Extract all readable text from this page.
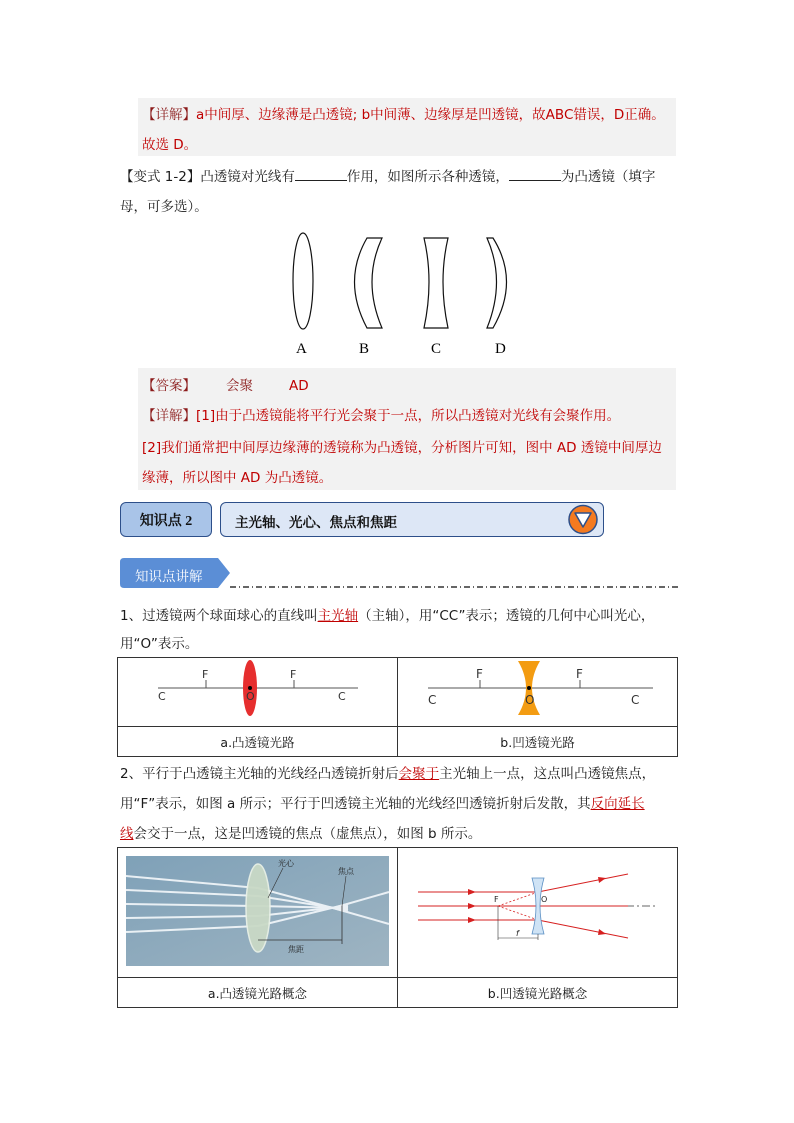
【详解】a中间厚、边缘薄是凸透镜; b中间薄、边缘厚是凹透镜，故ABC错误，D正确。
故选 D。
【变式 1-2】凸透镜对光线有	作用，如图所示各种透镜，	为凸透镜（填字
母，可多选）。
A	B	C	D
【答案】 会聚	AD
【详解】[1]由于凸透镜能将平行光会聚于一点，所以凸透镜对光线有会聚作用。
[2]我们通常把中间厚边缘薄的透镜称为凸透镜，分析图片可知，图中 AD 透镜中间厚边
缘薄，所以图中 AD 为凸透镜。
知识点 2	主光轴、光心、焦点和焦距
知识点讲解
1、过透镜两个球面球心的直线叫主光轴（主轴），用“CC”表示；透镜的几何中心叫光心，
用“O”表示。
F F
C C
O	F F
C C
O

a.凸透镜光路	b.凹透镜光路
2、平行于凸透镜主光轴的光线经凸透镜折射后会聚于主光轴上一点，这点叫凸透镜焦点，
用“F”表示，如图 a 所示；平行于凹透镜主光轴的光线经凹透镜折射后发散，其反向延长
线会交于一点，这是凹透镜的焦点（虚焦点），如图 b 所示。
光心
焦点
焦距	F O
f

a.凸透镜光路概念	b.凹透镜光路概念
